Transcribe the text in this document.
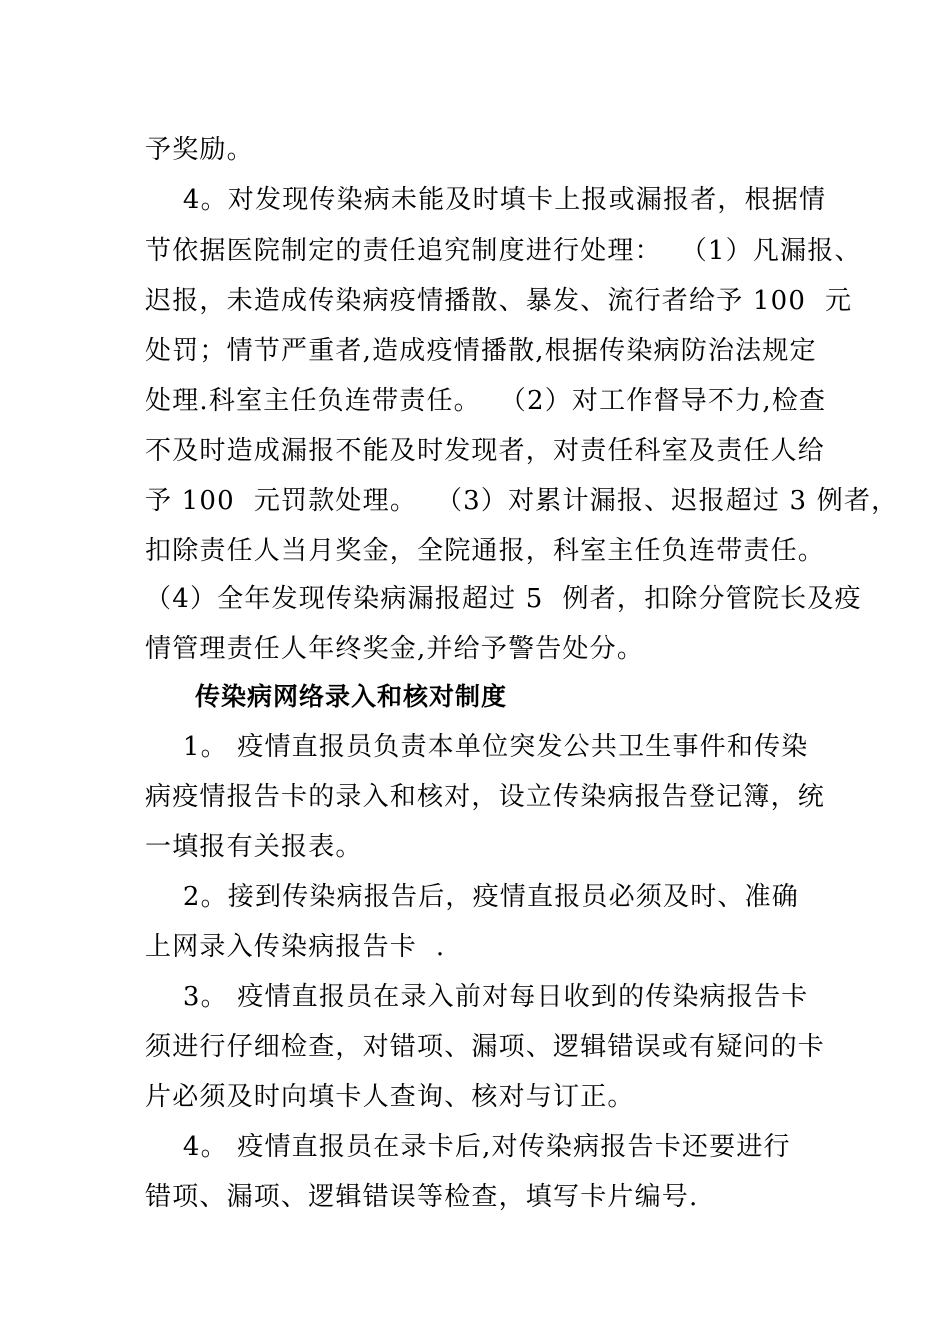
予奖励。
4。对发现传染病未能及时填卡上报或漏报者，根据情
节依据医院制定的责任追究制度进行处理：  （1）凡漏报、
迟报，未造成传染病疫情播散、暴发、流行者给予 100  元
处罚；情节严重者,造成疫情播散,根据传染病防治法规定
处理.科室主任负连带责任。  （2）对工作督导不力,检查
不及时造成漏报不能及时发现者，对责任科室及责任人给
予 100  元罚款处理。  （3）对累计漏报、迟报超过 3 例者，
扣除责任人当月奖金，全院通报，科室主任负连带责任。
（4）全年发现传染病漏报超过 5  例者，扣除分管院长及疫
情管理责任人年终奖金,并给予警告处分。
传染病网络录入和核对制度
1。 疫情直报员负责本单位突发公共卫生事件和传染
病疫情报告卡的录入和核对，设立传染病报告登记簿，统
一填报有关报表。
2。接到传染病报告后，疫情直报员必须及时、准确
上网录入传染病报告卡  .
3。 疫情直报员在录入前对每日收到的传染病报告卡
须进行仔细检查，对错项、漏项、逻辑错误或有疑问的卡
片必须及时向填卡人查询、核对与订正。
4。 疫情直报员在录卡后,对传染病报告卡还要进行
错项、漏项、逻辑错误等检查，填写卡片编号.
